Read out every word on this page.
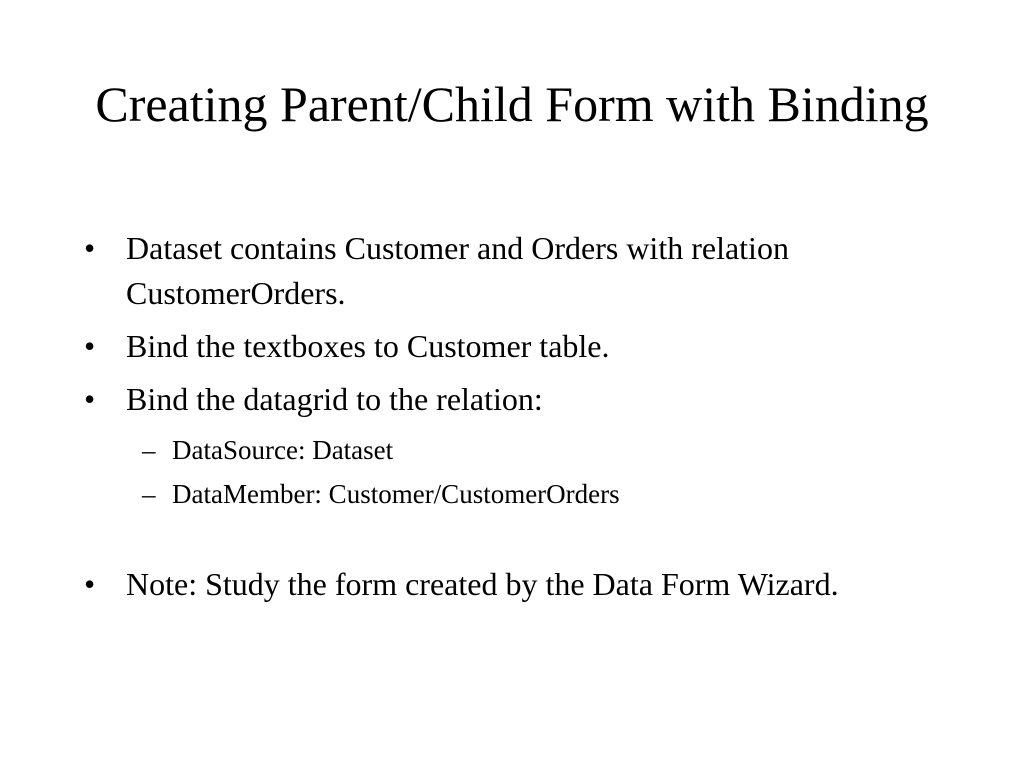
Creating Parent/Child Form with Binding
• Dataset contains Customer and Orders with relation CustomerOrders.
• Bind the textboxes to Customer table.
• Bind the datagrid to the relation:
– DataSource: Dataset
– DataMember: Customer/CustomerOrders
• Note: Study the form created by the Data Form Wizard.
